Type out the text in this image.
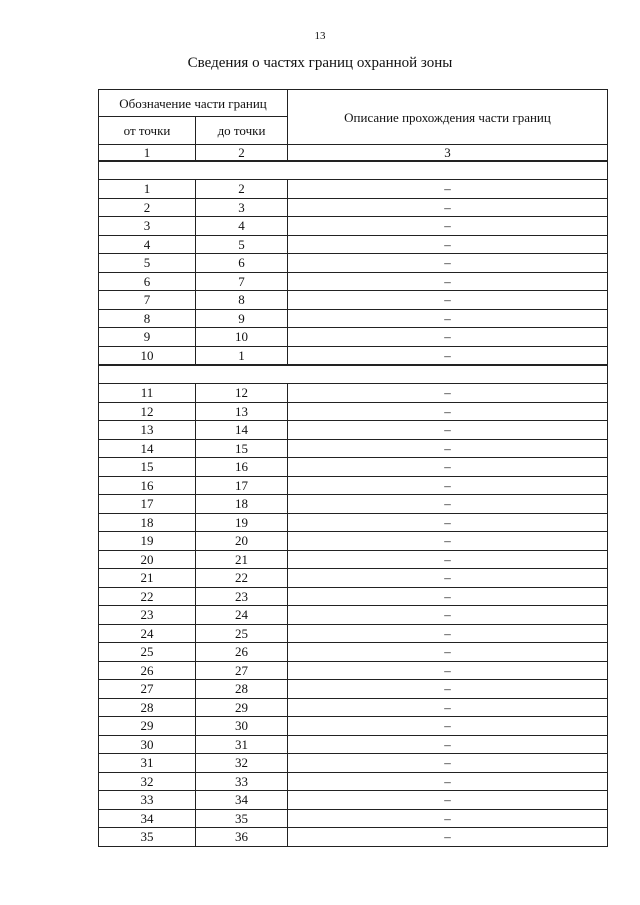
13
Сведения о частях границ охранной зоны
Обозначение части границ		Описание прохождения части границ
от точки	до точки	
1	2	3

1	2	–
2	3	–
3	4	–
4	5	–
5	6	–
6	7	–
7	8	–
8	9	–
9	10	–
10	1	–

11	12	–
12	13	–
13	14	–
14	15	–
15	16	–
16	17	–
17	18	–
18	19	–
19	20	–
20	21	–
21	22	–
22	23	–
23	24	–
24	25	–
25	26	–
26	27	–
27	28	–
28	29	–
29	30	–
30	31	–
31	32	–
32	33	–
33	34	–
34	35	–
35	36	–
